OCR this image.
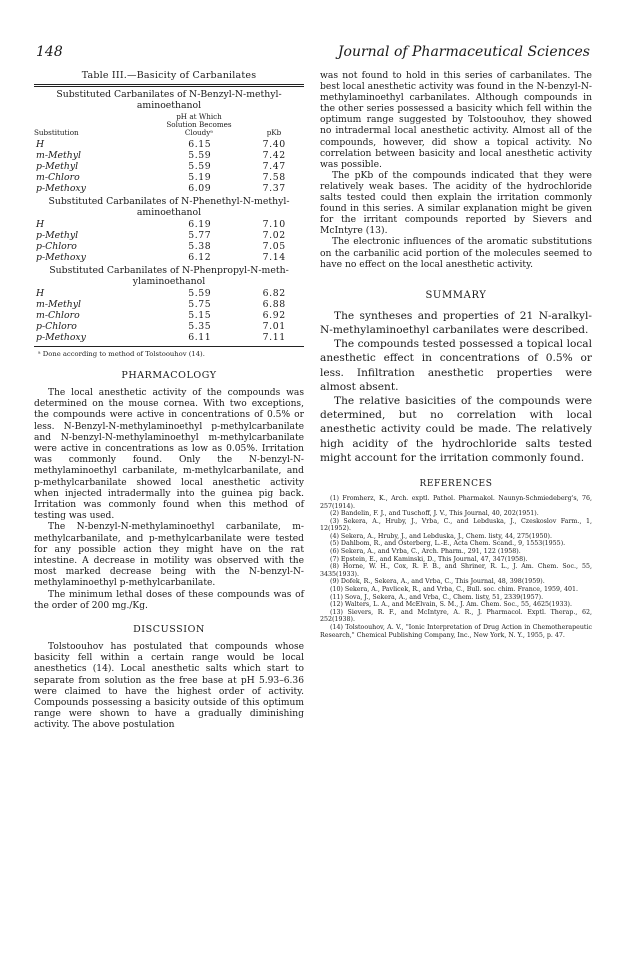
148	Journal of Pharmaceutical Sciences
Table III.—Basicity of Carbanilates
Substituted Carbanilates of N-Benzyl-N-methyl-aminoethanol
Substitution
pH at Which
Solution Becomes
Cloudyᵃ	pKb
H	6.15	7.40
m-Methyl	5.59	7.42
p-Methyl	5.59	7.47
m-Chloro	5.19	7.58
p-Methoxy	6.09	7.37
Substituted Carbanilates of N-Phenethyl-N-methyl-aminoethanol
H	6.19	7.10
p-Methyl	5.77	7.02
p-Chloro	5.38	7.05
p-Methoxy	6.12	7.14
Substituted Carbanilates of N-Phenpropyl-N-meth-ylaminoethanol
H	5.59	6.82
m-Methyl	5.75	6.88
m-Chloro	5.15	6.92
p-Chloro	5.35	7.01
p-Methoxy	6.11	7.11
ᵃ Done according to method of Tolstoouhov (14).
PHARMACOLOGY

The local anesthetic activity of the compounds was determined on the mouse cornea. With two exceptions, the compounds were active in concentrations of 0.5% or less. N-Benzyl-N-methylaminoethyl p-methylcarbanilate and N-benzyl-N-methylaminoethyl m-methylcarbanilate were active in concentrations as low as 0.05%. Irritation was commonly found. Only the N-benzyl-N-methylaminoethyl carbanilate, m-methylcarbanilate, and p-methylcarbanilate showed local anesthetic activity when injected intradermally into the guinea pig back. Irritation was commonly found when this method of testing was used.

The N-benzyl-N-methylaminoethyl carbanilate, m-methylcarbanilate, and p-methylcarbanilate were tested for any possible action they might have on the rat intestine. A decrease in motility was observed with the most marked decrease being with the N-benzyl-N-methylaminoethyl p-methylcarbanilate.

The minimum lethal doses of these compounds was of the order of 200 mg./Kg.

DISCUSSION

Tolstoouhov has postulated that compounds whose basicity fell within a certain range would be local anesthetics (14). Local anesthetic salts which start to separate from solution as the free base at pH 5.93–6.36 were claimed to have the highest order of activity. Compounds possessing a basicity outside of this optimum range were shown to have a gradually diminishing activity. The above postulation

was not found to hold in this series of carbanilates. The best local anesthetic activity was found in the N-benzyl-N-methylaminoethyl carbanilates. Although compounds in the other series possessed a basicity which fell within the optimum range suggested by Tolstoouhov, they showed no intradermal local anesthetic activity. Almost all of the compounds, however, did show a topical activity. No correlation between basicity and local anesthetic activity was possible.

The pKb of the compounds indicated that they were relatively weak bases. The acidity of the hydrochloride salts tested could then explain the irritation commonly found in this series. A similar explanation might be given for the irritant compounds reported by Sievers and McIntyre (13).

The electronic influences of the aromatic substitutions on the carbanilic acid portion of the molecules seemed to have no effect on the local anesthetic activity.

SUMMARY

The syntheses and properties of 21 N-aralkyl-N-methylaminoethyl carbanilates were described.

The compounds tested possessed a topical local anesthetic effect in concentrations of 0.5% or less. Infiltration anesthetic properties were almost absent.

The relative basicities of the compounds were determined, but no correlation with local anesthetic activity could be made. The relatively high acidity of the hydrochloride salts tested might account for the irritation commonly found.

REFERENCES

(1) Fromherz, K., Arch. exptl. Pathol. Pharmakol. Naunyn-Schmiedeberg's, 76, 257(1914).

(2) Bandelin, F. J., and Tuschoff, J. V., This Journal, 40, 202(1951).

(3) Sekera, A., Hruby, J., Vrba, C., and Lebduska, J., Czeskoslov Farm., 1, 12(1952).

(4) Sekera, A., Hruby, J., and Lebduska, J., Chem. listy, 44, 275(1950).

(5) Dahlbom, R., and Osterberg, L.-E., Acta Chem. Scand., 9, 1553(1955).

(6) Sekera, A., and Vrba, C., Arch. Pharm., 291, 122 (1958).

(7) Epstein, E., and Kaminski, D., This Journal, 47, 347(1958).

(8) Horne, W. H., Cox, R. F. B., and Shriner, R. L., J. Am. Chem. Soc., 55, 3435(1933).

(9) Dofek, R., Sekera, A., and Vrba, C., This Journal, 48, 398(1959).

(10) Sekera, A., Pavlicek, R., and Vrba, C., Bull. soc. chim. France, 1959, 401.

(11) Sova, J., Sekera, A., and Vrba, C., Chem. listy, 51, 2339(1957).

(12) Walters, L. A., and McElvain, S. M., J. Am. Chem. Soc., 55, 4625(1933).

(13) Sievers, R. F., and McIntyre, A. R., J. Pharmacol. Exptl. Therap., 62, 252(1938).

(14) Tolstoouhov, A. V., "Ionic Interpretation of Drug Action in Chemotherapeutic Research," Chemical Publishing Company, Inc., New York, N. Y., 1955, p. 47.
